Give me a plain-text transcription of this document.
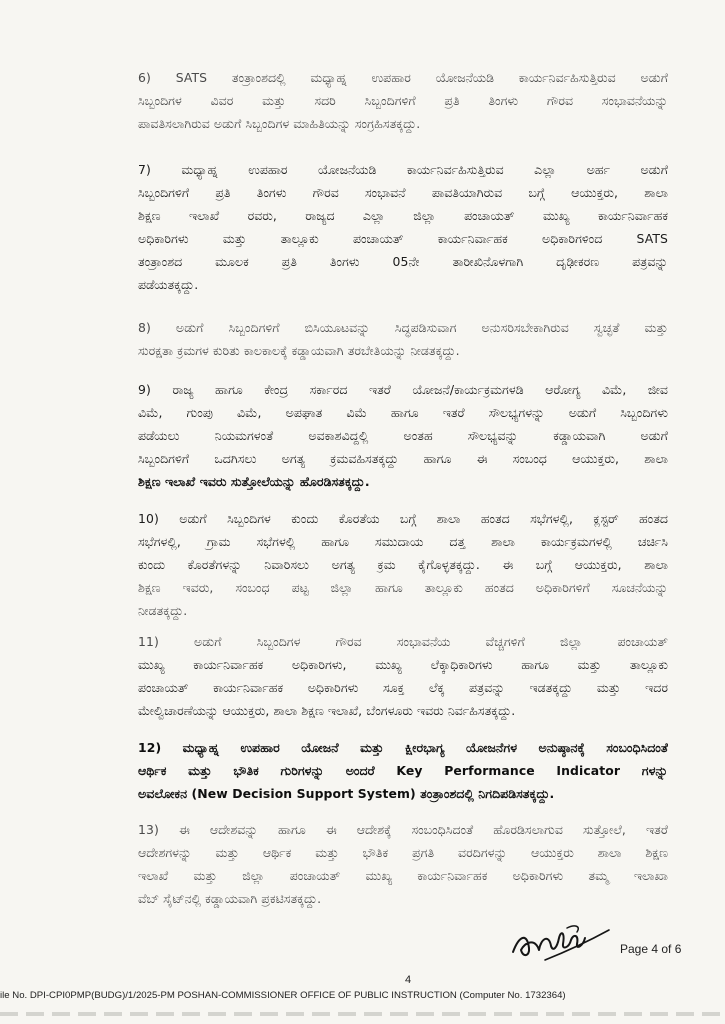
6) SATS ತಂತ್ರಾಂಶದಲ್ಲಿ ಮಧ್ಯಾಹ್ನ ಉಪಹಾರ ಯೋಜನೆಯಡಿ ಕಾರ್ಯನಿರ್ವಹಿಸುತ್ತಿರುವ ಅಡುಗೆ
ಸಿಬ್ಬಂದಿಗಳ ವಿವರ ಮತ್ತು ಸದರಿ ಸಿಬ್ಬಂದಿಗಳಿಗೆ ಪ್ರತಿ ತಿಂಗಳು ಗೌರವ ಸಂಭಾವನೆಯನ್ನು
ಪಾವತಿಸಲಾಗಿರುವ ಅಡುಗೆ ಸಿಬ್ಬಂದಿಗಳ ಮಾಹಿತಿಯನ್ನು ಸಂಗ್ರಹಿಸತಕ್ಕದ್ದು.
7) ಮಧ್ಯಾಹ್ನ ಉಪಹಾರ ಯೋಜನೆಯಡಿ ಕಾರ್ಯನಿರ್ವಹಿಸುತ್ತಿರುವ ಎಲ್ಲಾ ಅರ್ಹ ಅಡುಗೆ
ಸಿಬ್ಬಂದಿಗಳಿಗೆ ಪ್ರತಿ ತಿಂಗಳು ಗೌರವ ಸಂಭಾವನೆ ಪಾವತಿಯಾಗಿರುವ ಬಗ್ಗೆ ಆಯುಕ್ತರು, ಶಾಲಾ
ಶಿಕ್ಷಣ ಇಲಾಖೆ ರವರು, ರಾಜ್ಯದ ಎಲ್ಲಾ ಜಿಲ್ಲಾ ಪಂಚಾಯತ್ ಮುಖ್ಯ ಕಾರ್ಯನಿರ್ವಾಹಕ
ಅಧಿಕಾರಿಗಳು ಮತ್ತು ತಾಲ್ಲೂಕು ಪಂಚಾಯತ್ ಕಾರ್ಯನಿರ್ವಾಹಕ ಅಧಿಕಾರಿಗಳಿಂದ SATS
ತಂತ್ರಾಂಶದ ಮೂಲಕ ಪ್ರತಿ ತಿಂಗಳು 05ನೇ ತಾರೀಖಿನೊಳಗಾಗಿ ದೃಢೀಕರಣ ಪತ್ರವನ್ನು
ಪಡೆಯತಕ್ಕದ್ದು.
8) ಅಡುಗೆ ಸಿಬ್ಬಂದಿಗಳಿಗೆ ಬಿಸಿಯೂಟವನ್ನು ಸಿದ್ಧಪಡಿಸುವಾಗ ಅನುಸರಿಸಬೇಕಾಗಿರುವ ಸ್ವಚ್ಛತೆ ಮತ್ತು
ಸುರಕ್ಷತಾ ಕ್ರಮಗಳ ಕುರಿತು ಕಾಲಕಾಲಕ್ಕೆ ಕಡ್ಡಾಯವಾಗಿ ತರಬೇತಿಯನ್ನು ನೀಡತಕ್ಕದ್ದು.
9) ರಾಜ್ಯ ಹಾಗೂ ಕೇಂದ್ರ ಸರ್ಕಾರದ ಇತರೆ ಯೋಜನೆ/ಕಾರ್ಯಕ್ರಮಗಳಡಿ ಆರೋಗ್ಯ ವಿಮೆ, ಜೀವ
ವಿಮೆ, ಗುಂಪು ವಿಮೆ, ಅಪಘಾತ ವಿಮೆ ಹಾಗೂ ಇತರೆ ಸೌಲಭ್ಯಗಳನ್ನು ಅಡುಗೆ ಸಿಬ್ಬಂದಿಗಳು
ಪಡೆಯಲು ನಿಯಮಗಳಂತೆ ಅವಕಾಶವಿದ್ದಲ್ಲಿ ಅಂತಹ ಸೌಲಭ್ಯವನ್ನು ಕಡ್ಡಾಯವಾಗಿ ಅಡುಗೆ
ಸಿಬ್ಬಂದಿಗಳಿಗೆ ಒದಗಿಸಲು ಅಗತ್ಯ ಕ್ರಮವಹಿಸತಕ್ಕದ್ದು ಹಾಗೂ ಈ ಸಂಬಂಧ ಆಯುಕ್ತರು, ಶಾಲಾ
ಶಿಕ್ಷಣ ಇಲಾಖೆ ಇವರು ಸುತ್ತೋಲೆಯನ್ನು ಹೊರಡಿಸತಕ್ಕದ್ದು.
10) ಅಡುಗೆ ಸಿಬ್ಬಂದಿಗಳ ಕುಂದು ಕೊರತೆಯ ಬಗ್ಗೆ ಶಾಲಾ ಹಂತದ ಸಭೆಗಳಲ್ಲಿ, ಕ್ಲಸ್ಟರ್ ಹಂತದ
ಸಭೆಗಳಲ್ಲಿ, ಗ್ರಾಮ ಸಭೆಗಳಲ್ಲಿ ಹಾಗೂ ಸಮುದಾಯ ದತ್ತ ಶಾಲಾ ಕಾರ್ಯಕ್ರಮಗಳಲ್ಲಿ ಚರ್ಚಿಸಿ
ಕುಂದು ಕೊರತೆಗಳನ್ನು ನಿವಾರಿಸಲು ಅಗತ್ಯ ಕ್ರಮ ಕೈಗೊಳ್ಳತಕ್ಕದ್ದು. ಈ ಬಗ್ಗೆ ಆಯುಕ್ತರು, ಶಾಲಾ
ಶಿಕ್ಷಣ ಇವರು, ಸಂಬಂಧ ಪಟ್ಟ ಜಿಲ್ಲಾ ಹಾಗೂ ತಾಲ್ಲೂಕು ಹಂತದ ಅಧಿಕಾರಿಗಳಿಗೆ ಸೂಚನೆಯನ್ನು
ನೀಡತಕ್ಕದ್ದು.
11) ಅಡುಗೆ ಸಿಬ್ಬಂದಿಗಳ ಗೌರವ ಸಂಭಾವನೆಯ ವೆಚ್ಚಗಳಿಗೆ ಜಿಲ್ಲಾ ಪಂಚಾಯತ್
ಮುಖ್ಯ ಕಾರ್ಯನಿರ್ವಾಹಕ ಅಧಿಕಾರಿಗಳು, ಮುಖ್ಯ ಲೆಕ್ಕಾಧಿಕಾರಿಗಳು ಹಾಗೂ ಮತ್ತು ತಾಲ್ಲೂಕು
ಪಂಚಾಯತ್ ಕಾರ್ಯನಿರ್ವಾಹಕ ಅಧಿಕಾರಿಗಳು ಸೂಕ್ತ ಲೆಕ್ಕ ಪತ್ರವನ್ನು ಇಡತಕ್ಕದ್ದು ಮತ್ತು ಇದರ
ಮೇಲ್ವಿಚಾರಣೆಯನ್ನು ಆಯುಕ್ತರು, ಶಾಲಾ ಶಿಕ್ಷಣ ಇಲಾಖೆ, ಬೆಂಗಳೂರು ಇವರು ನಿರ್ವಹಿಸತಕ್ಕದ್ದು.
12) ಮಧ್ಯಾಹ್ನ ಉಪಹಾರ ಯೋಜನೆ ಮತ್ತು ಕ್ಷೀರಭಾಗ್ಯ ಯೋಜನೆಗಳ ಅನುಷ್ಠಾನಕ್ಕೆ ಸಂಬಂಧಿಸಿದಂತೆ
ಆರ್ಥಿಕ ಮತ್ತು ಭೌತಿಕ ಗುರಿಗಳನ್ನು ಅಂದರೆ Key Performance Indicator ಗಳನ್ನು
ಅವಲೋಕನ (New Decision Support System) ತಂತ್ರಾಂಶದಲ್ಲಿ ನಿಗದಿಪಡಿಸತಕ್ಕದ್ದು.
13) ಈ ಆದೇಶವನ್ನು ಹಾಗೂ ಈ ಆದೇಶಕ್ಕೆ ಸಂಬಂಧಿಸಿದಂತೆ ಹೊರಡಿಸಲಾಗುವ ಸುತ್ತೋಲೆ, ಇತರೆ
ಆದೇಶಗಳನ್ನು ಮತ್ತು ಆರ್ಥಿಕ ಮತ್ತು ಭೌತಿಕ ಪ್ರಗತಿ ವರದಿಗಳನ್ನು ಆಯುಕ್ತರು ಶಾಲಾ ಶಿಕ್ಷಣ
ಇಲಾಖೆ ಮತ್ತು ಜಿಲ್ಲಾ ಪಂಚಾಯತ್ ಮುಖ್ಯ ಕಾರ್ಯನಿರ್ವಾಹಕ ಅಧಿಕಾರಿಗಳು ತಮ್ಮ ಇಲಾಖಾ
ವೆಬ್ ಸೈಟ್‌ನಲ್ಲಿ ಕಡ್ಡಾಯವಾಗಿ ಪ್ರಕಟಿಸತಕ್ಕದ್ದು.
Page 4 of 6
4
ile No. DPI-CPI0PMP(BUDG)/1/2025-PM POSHAN-COMMISSIONER OFFICE OF PUBLIC INSTRUCTION (Computer No. 1732364)
